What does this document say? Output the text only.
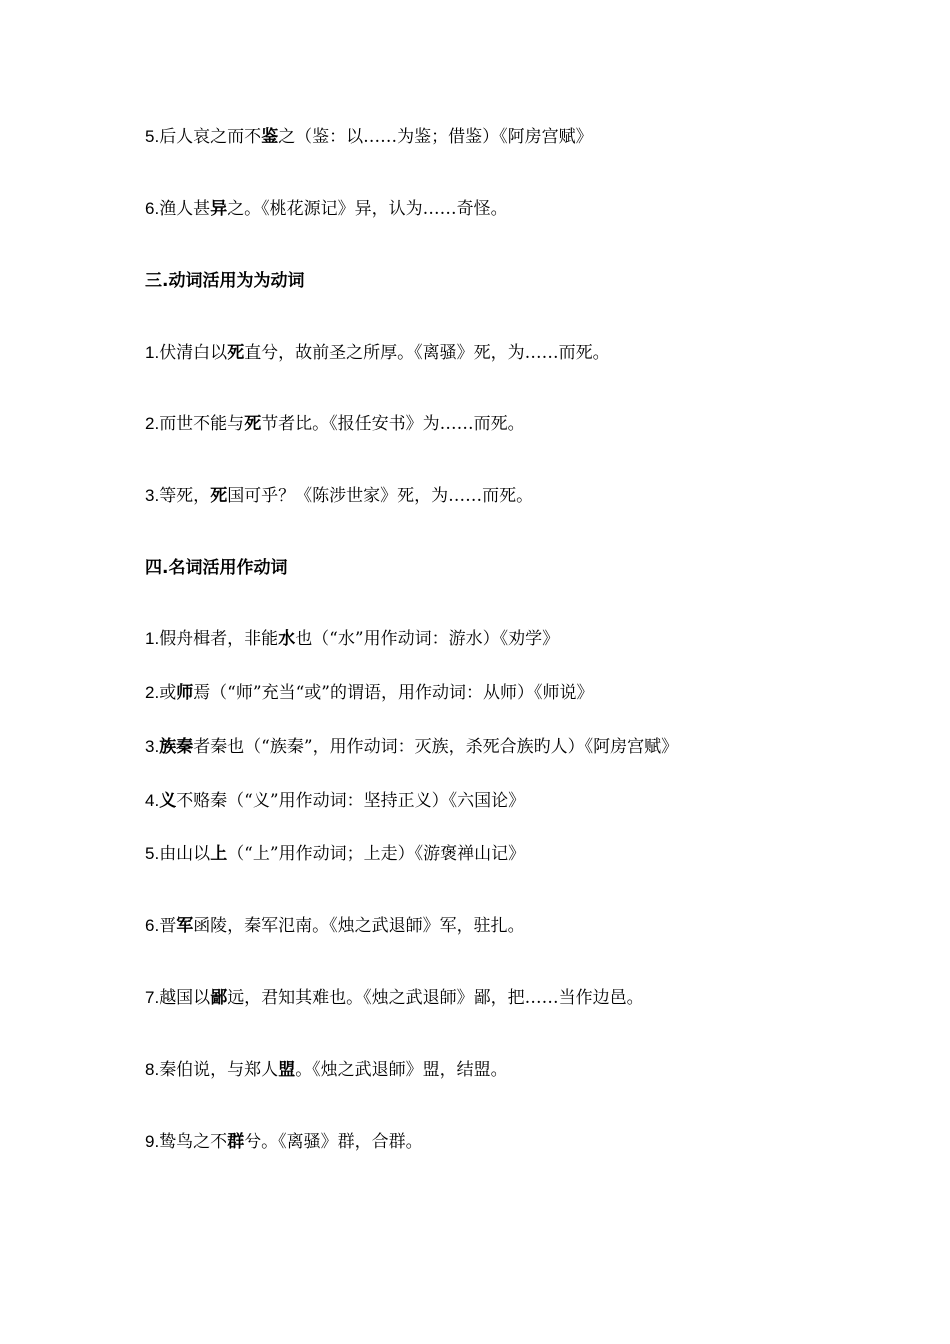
5.后人哀之而不鉴之（鉴：以……为鉴；借鉴）《阿房宫赋》
6.渔人甚异之。《桃花源记》异，认为……奇怪。
三.动词活用为为动词
1.伏清白以死直兮，故前圣之所厚。《离骚》死，为……而死。
2.而世不能与死节者比。《报任安书》为……而死。
3.等死，死国可乎？《陈涉世家》死，为……而死。
四.名词活用作动词
1.假舟楫者，非能水也（“水”用作动词：游水）《劝学》
2.或师焉（“师”充当“或”的谓语，用作动词：从师）《师说》
3.族秦者秦也（“族秦”，用作动词：灭族，杀死合族旳人）《阿房宫赋》
4.义不赂秦（“义”用作动词：坚持正义）《六国论》
5.由山以上（“上”用作动词；上走）《游褒禅山记》
6.晋军函陵，秦军氾南。《烛之武退師》军，驻扎。
7.越国以鄙远，君知其难也。《烛之武退師》鄙，把……当作边邑。
8.秦伯说，与郑人盟。《烛之武退師》盟，结盟。
9.鸷鸟之不群兮。《离骚》群，合群。
